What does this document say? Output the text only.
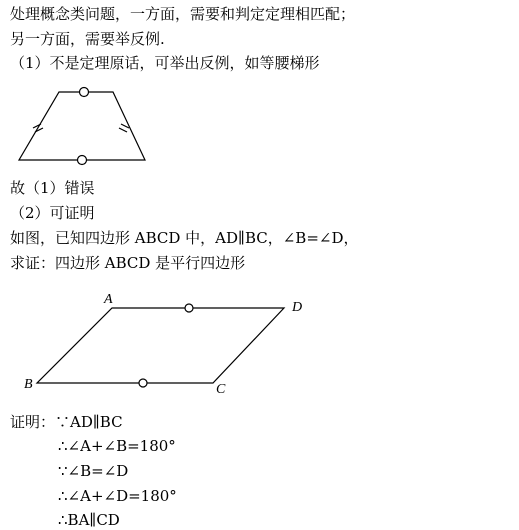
处理概念类问题，一方面，需要和判定定理相匹配；
另一方面，需要举反例.
（1）不是定理原话，可举出反例，如等腰梯形
A
D
B	C
故（1）错误
（2）可证明
如图，已知四边形 ABCD 中，AD∥BC，∠B=∠D，
求证：四边形 ABCD 是平行四边形
证明：∵AD∥BC
∴∠A+∠B=180°
∵∠B=∠D
∴∠A+∠D=180°
∴BA∥CD
